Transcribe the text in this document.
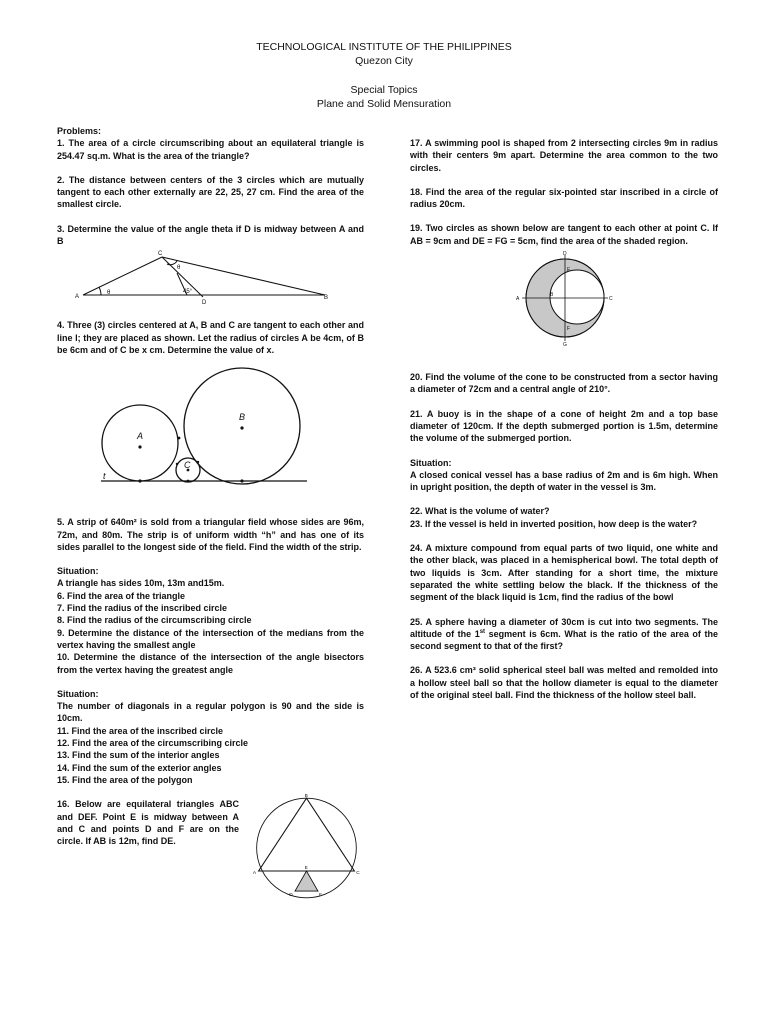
TECHNOLOGICAL INSTITUTE OF THE PHILIPPINES
Quezon City
Special Topics
Plane and Solid Mensuration

Problems:

1. The area of a circle circumscribing about an equilateral triangle is 254.47 sq.m. What is the area of the triangle?

2. The distance between centers of the 3 circles which are mutually tangent to each other externally are 22, 25, 27 cm. Find the area of the smallest circle.

3. Determine the value of the angle theta if D is midway between A and B

A
C
D
B
θ
θ
45°

4. Three (3) circles centered at A, B and C are tangent to each other and line l; they are placed as shown. Let the radius of circles A be 4cm, of B be 6cm and of C be x cm. Determine the value of x.

A
B
C
t

5. A strip of 640m² is sold from a triangular field whose sides are 96m, 72m, and 80m. The strip is of uniform width “h” and has one of its sides parallel to the longest side of the field. Find the width of the strip.

Situation:

A triangle has sides 10m, 13m and15m.

6. Find the area of the triangle

7. Find the radius of the inscribed circle

8. Find the radius of the circumscribing circle

9. Determine the distance of the intersection of the medians from the vertex having the smallest angle

10. Determine the distance of the intersection of the angle bisectors from the vertex having the greatest angle

Situation:

The number of diagonals in a regular polygon is 90 and the side is 10cm.

11. Find the area of the inscribed circle

12. Find the area of the circumscribing circle

13. Find the sum of the interior angles

14. Find the sum of the exterior angles

15. Find the area of the polygon

16. Below are equilateral triangles ABC and DEF. Point E is midway between A and C and points D and F are on the circle. If AB is 12m, find DE.

B
A	C
E
D	F

17. A swimming pool is shaped from 2 intersecting circles 9m in radius with their centers 9m apart. Determine the area common to the two circles.

18. Find the area of the regular six-pointed star inscribed in a circle of radius 20cm.

19. Two circles as shown below are tangent to each other at point C. If AB = 9cm and DE = FG = 5cm, find the area of the shaded region.

D
E
A
B
C
F
G

20. Find the volume of the cone to be constructed from a sector having a diameter of 72cm and a central angle of 210°.

21. A buoy is in the shape of a cone of height 2m and a top base diameter of 120cm. If the depth submerged portion is 1.5m, determine the volume of the submerged portion.

Situation:

A closed conical vessel has a base radius of 2m and is 6m high. When in upright position, the depth of water in the vessel is 3m.

22. What is the volume of water?

23. If the vessel is held in inverted position, how deep is the water?

24. A mixture compound from equal parts of two liquid, one white and the other black, was placed in a hemispherical bowl. The total depth of two liquids is 3cm. After standing for a short time, the mixture separated the white settling below the black. If the thickness of the segment of the black liquid is 1cm, find the radius of the bowl

25. A sphere having a diameter of 30cm is cut into two segments. The altitude of the 1st segment is 6cm. What is the ratio of the area of the second segment to that of the first?

26. A 523.6 cm³ solid spherical steel ball was melted and remolded into a hollow steel ball so that the hollow diameter is equal to the diameter of the original steel ball. Find the thickness of the hollow steel ball.
